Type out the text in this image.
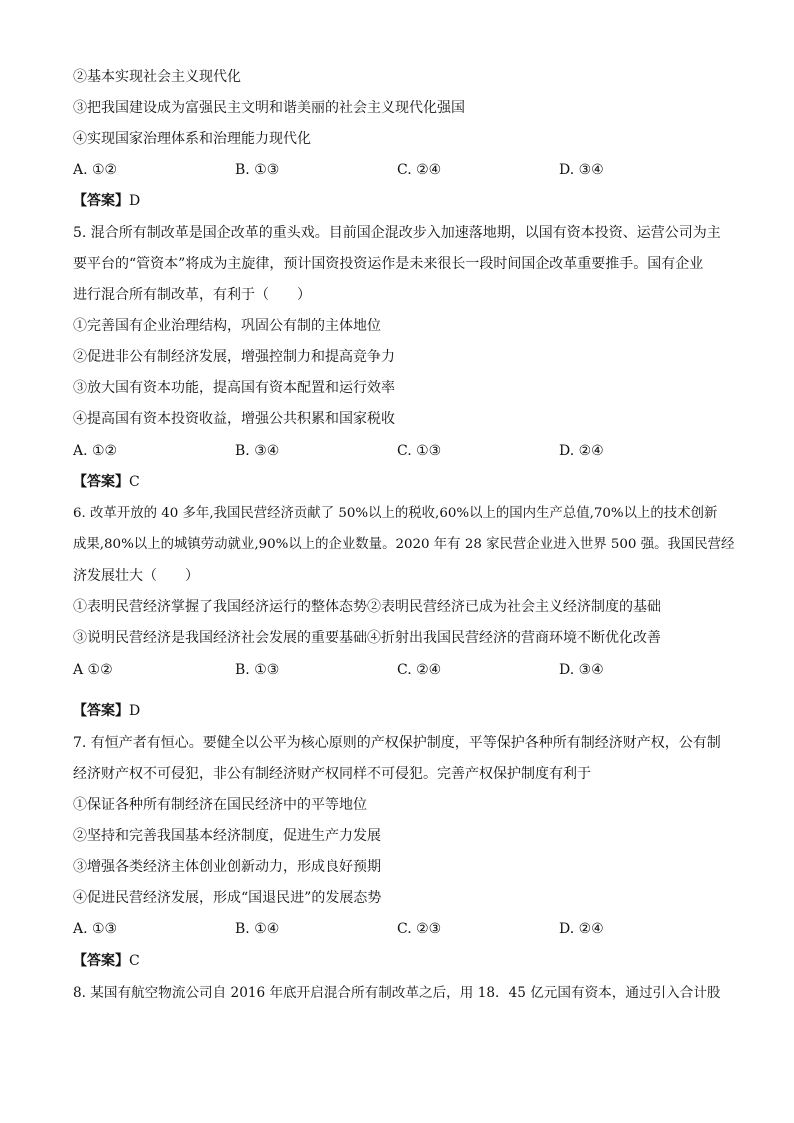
②基本实现社会主义现代化
③把我国建设成为富强民主文明和谐美丽的社会主义现代化强国
④实现国家治理体系和治理能力现代化
A. ①②	B. ①③	C. ②④	D. ③④
【答案】D
5. 混合所有制改革是国企改革的重头戏。目前国企混改步入加速落地期，以国有资本投资、运营公司为主
要平台的“管资本”将成为主旋律，预计国资投资运作是未来很长一段时间国企改革重要推手。国有企业
进行混合所有制改革，有利于（　　）
①完善国有企业治理结构，巩固公有制的主体地位
②促进非公有制经济发展，增强控制力和提高竞争力
③放大国有资本功能，提高国有资本配置和运行效率
④提高国有资本投资收益，增强公共积累和国家税收
A. ①②	B. ③④	C. ①③	D. ②④
【答案】C
6. 改革开放的 40 多年,我国民营经济贡献了 50%以上的税收,60%以上的国内生产总值,70%以上的技术创新
成果,80%以上的城镇劳动就业,90%以上的企业数量。2020 年有 28 家民营企业进入世界 500 强。我国民营经
济发展壮大（　　）
①表明民营经济掌握了我国经济运行的整体态势②表明民营经济已成为社会主义经济制度的基础
③说明民营经济是我国经济社会发展的重要基础④折射出我国民营经济的营商环境不断优化改善
A ①②	B. ①③	C. ②④	D. ③④
【答案】D
7. 有恒产者有恒心。要健全以公平为核心原则的产权保护制度，平等保护各种所有制经济财产权，公有制
经济财产权不可侵犯，非公有制经济财产权同样不可侵犯。完善产权保护制度有利于
①保证各种所有制经济在国民经济中的平等地位
②坚持和完善我国基本经济制度，促进生产力发展
③增强各类经济主体创业创新动力，形成良好预期
④促进民营经济发展，形成“国退民进”的发展态势
A. ①③	B. ①④	C. ②③	D. ②④
【答案】C
8. 某国有航空物流公司自 2016 年底开启混合所有制改革之后，用 18．45 亿元国有资本，通过引入合计股
